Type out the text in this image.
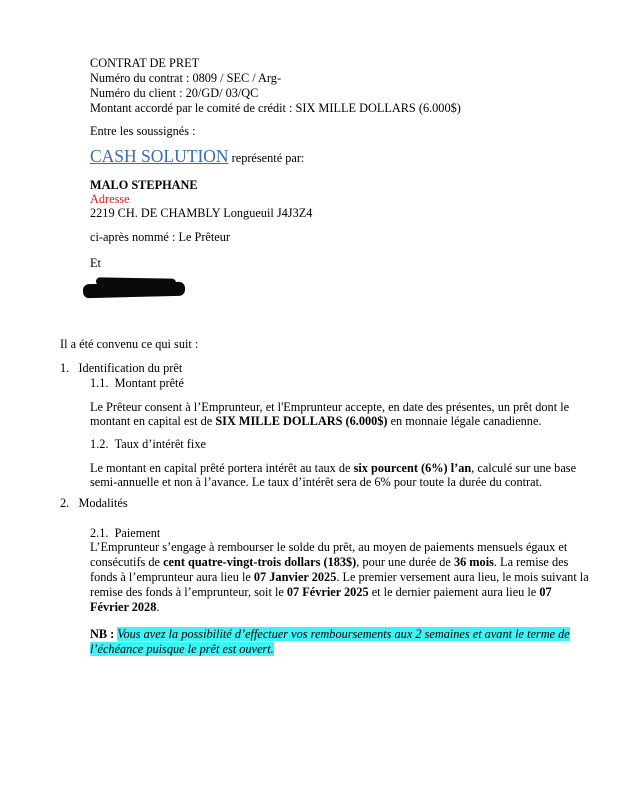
CONTRAT DE PRET
Numéro du contrat : 0809 / SEC / Arg-
Numéro du client : 20/GD/ 03/QC
Montant accordé par le comité de crédit : SIX MILLE DOLLARS (6.000$)
Entre les soussignés :
CASH SOLUTION représenté par:
MALO STEPHANE
Adresse
2219 CH. DE CHAMBLY Longueuil J4J3Z4
ci-après nommé : Le Prêteur
Et
Il a été convenu ce qui suit :
1.   Identification du prêt
1.1.  Montant prêté
Le Prêteur consent à l’Emprunteur, et l'Emprunteur accepte, en date des présentes, un prêt dont le
montant en capital est de SIX MILLE DOLLARS (6.000$) en monnaie légale canadienne.
1.2.  Taux d’intérêt fixe
Le montant en capital prêté portera intérêt au taux de six pourcent (6%) l’an, calculé sur une base
semi-annuelle et non à l’avance. Le taux d’intérêt sera de 6% pour toute la durée du contrat.
2.   Modalités
2.1.  Paiement
L’Emprunteur s’engage à rembourser le solde du prêt, au moyen de paiements mensuels égaux et
consécutifs de cent quatre-vingt-trois dollars (183$), pour une durée de 36 mois. La remise des
fonds à l’emprunteur aura lieu le 07 Janvier 2025. Le premier versement aura lieu, le mois suivant la
remise des fonds à l’emprunteur, soit le 07 Février 2025 et le dernier paiement aura lieu le 07
Février 2028.
NB : Vous avez la possibilité d’effectuer vos remboursements aux 2 semaines et avant le terme de
l’échéance puisque le prêt est ouvert.
